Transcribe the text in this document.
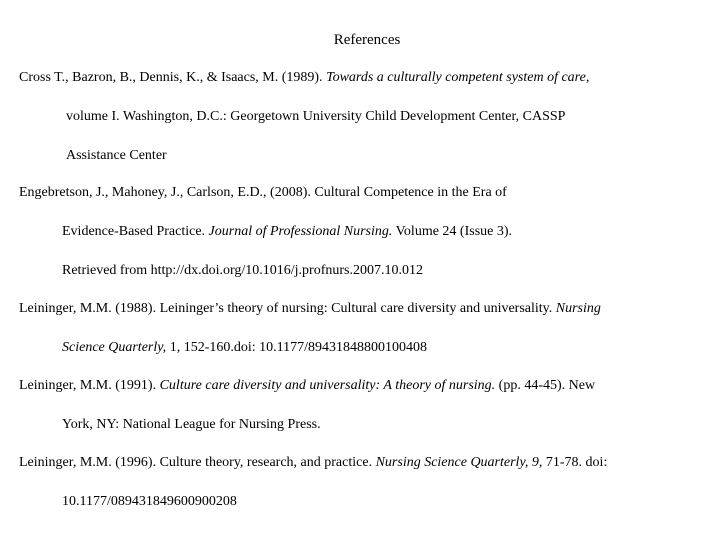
References
Cross T., Bazron, B., Dennis, K., & Isaacs, M. (1989). Towards a culturally competent system of care,
volume I. Washington, D.C.: Georgetown University Child Development Center, CASSP
Assistance Center
Engebretson, J., Mahoney, J., Carlson, E.D., (2008). Cultural Competence in the Era of
Evidence-Based Practice. Journal of Professional Nursing. Volume 24 (Issue 3).
Retrieved from http://dx.doi.org/10.1016/j.profnurs.2007.10.012
Leininger, M.M. (1988). Leininger’s theory of nursing: Cultural care diversity and universality. Nursing
Science Quarterly, 1, 152-160.doi: 10.1177/89431848800100408
Leininger, M.M. (1991). Culture care diversity and universality: A theory of nursing. (pp. 44-45). New
York, NY: National League for Nursing Press.
Leininger, M.M. (1996). Culture theory, research, and practice. Nursing Science Quarterly, 9, 71-78. doi:
10.1177/089431849600900208
